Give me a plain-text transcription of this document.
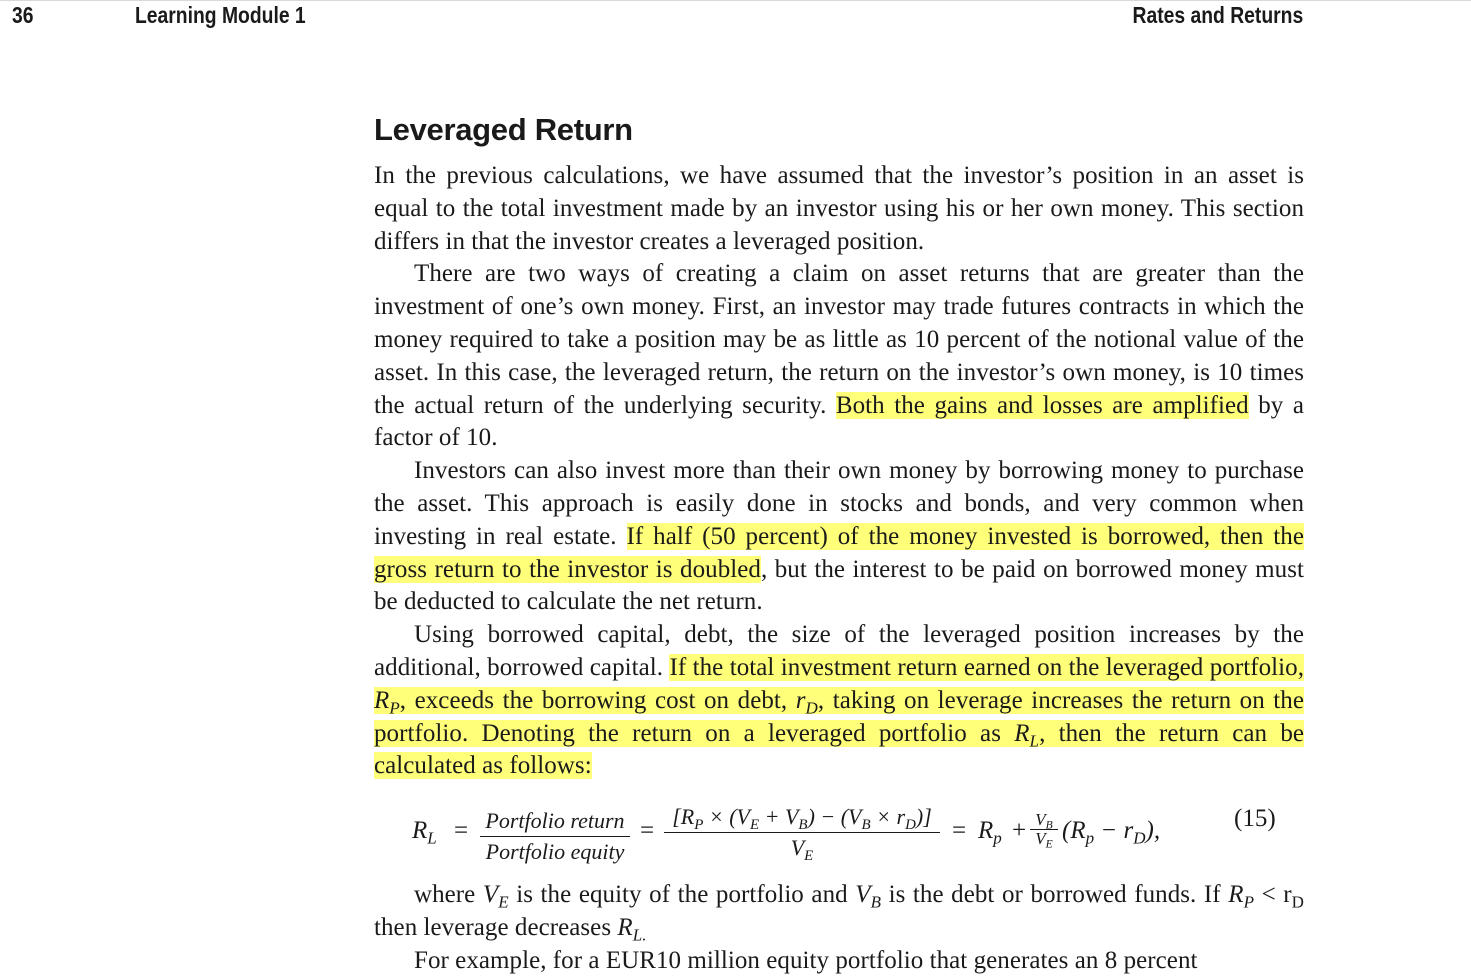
36	Learning Module 1	Rates and Returns
Leveraged Return

In the previous calculations, we have assumed that the investor’s position in an asset is equal to the total investment made by an investor using his or her own money. This section differs in that the investor creates a leveraged position.

There are two ways of creating a claim on asset returns that are greater than the investment of one’s own money. First, an investor may trade futures contracts in which the money required to take a position may be as little as 10 percent of the notional value of the asset. In this case, the leveraged return, the return on the investor’s own money, is 10 times the actual return of the underlying security. Both the gains and losses are amplified by a factor of 10.

Investors can also invest more than their own money by borrowing money to purchase the asset. This approach is easily done in stocks and bonds, and very common when investing in real estate. If half (50 percent) of the money invested is borrowed, then the gross return to the investor is doubled, but the interest to be paid on borrowed money must be deducted to calculate the net return.

Using borrowed capital, debt, the size of the leveraged position increases by the additional, borrowed capital. If the total investment return earned on the leveraged portfolio, $R_P$, exceeds the borrowing cost on debt, $r_D$, taking on leverage increases the return on the portfolio. Denoting the return on a leveraged portfolio as $R_L$, then the return can be calculated as follows:

$R_L$ = Portfolio return
Portfolio equity
=
$[R_P \times (V_E + V_B) - (V_B \times r_D)]$
$V_E$
= $R_p + V_B$
$V_E$
$(R_p - r_D)$,	(15)

where $V_E$ is the equity of the portfolio and $V_B$ is the debt or borrowed funds. If $R_P < r_D$ then leverage decreases $R_{L.}$

For example, for a EUR10 million equity portfolio that generates an 8 percent
